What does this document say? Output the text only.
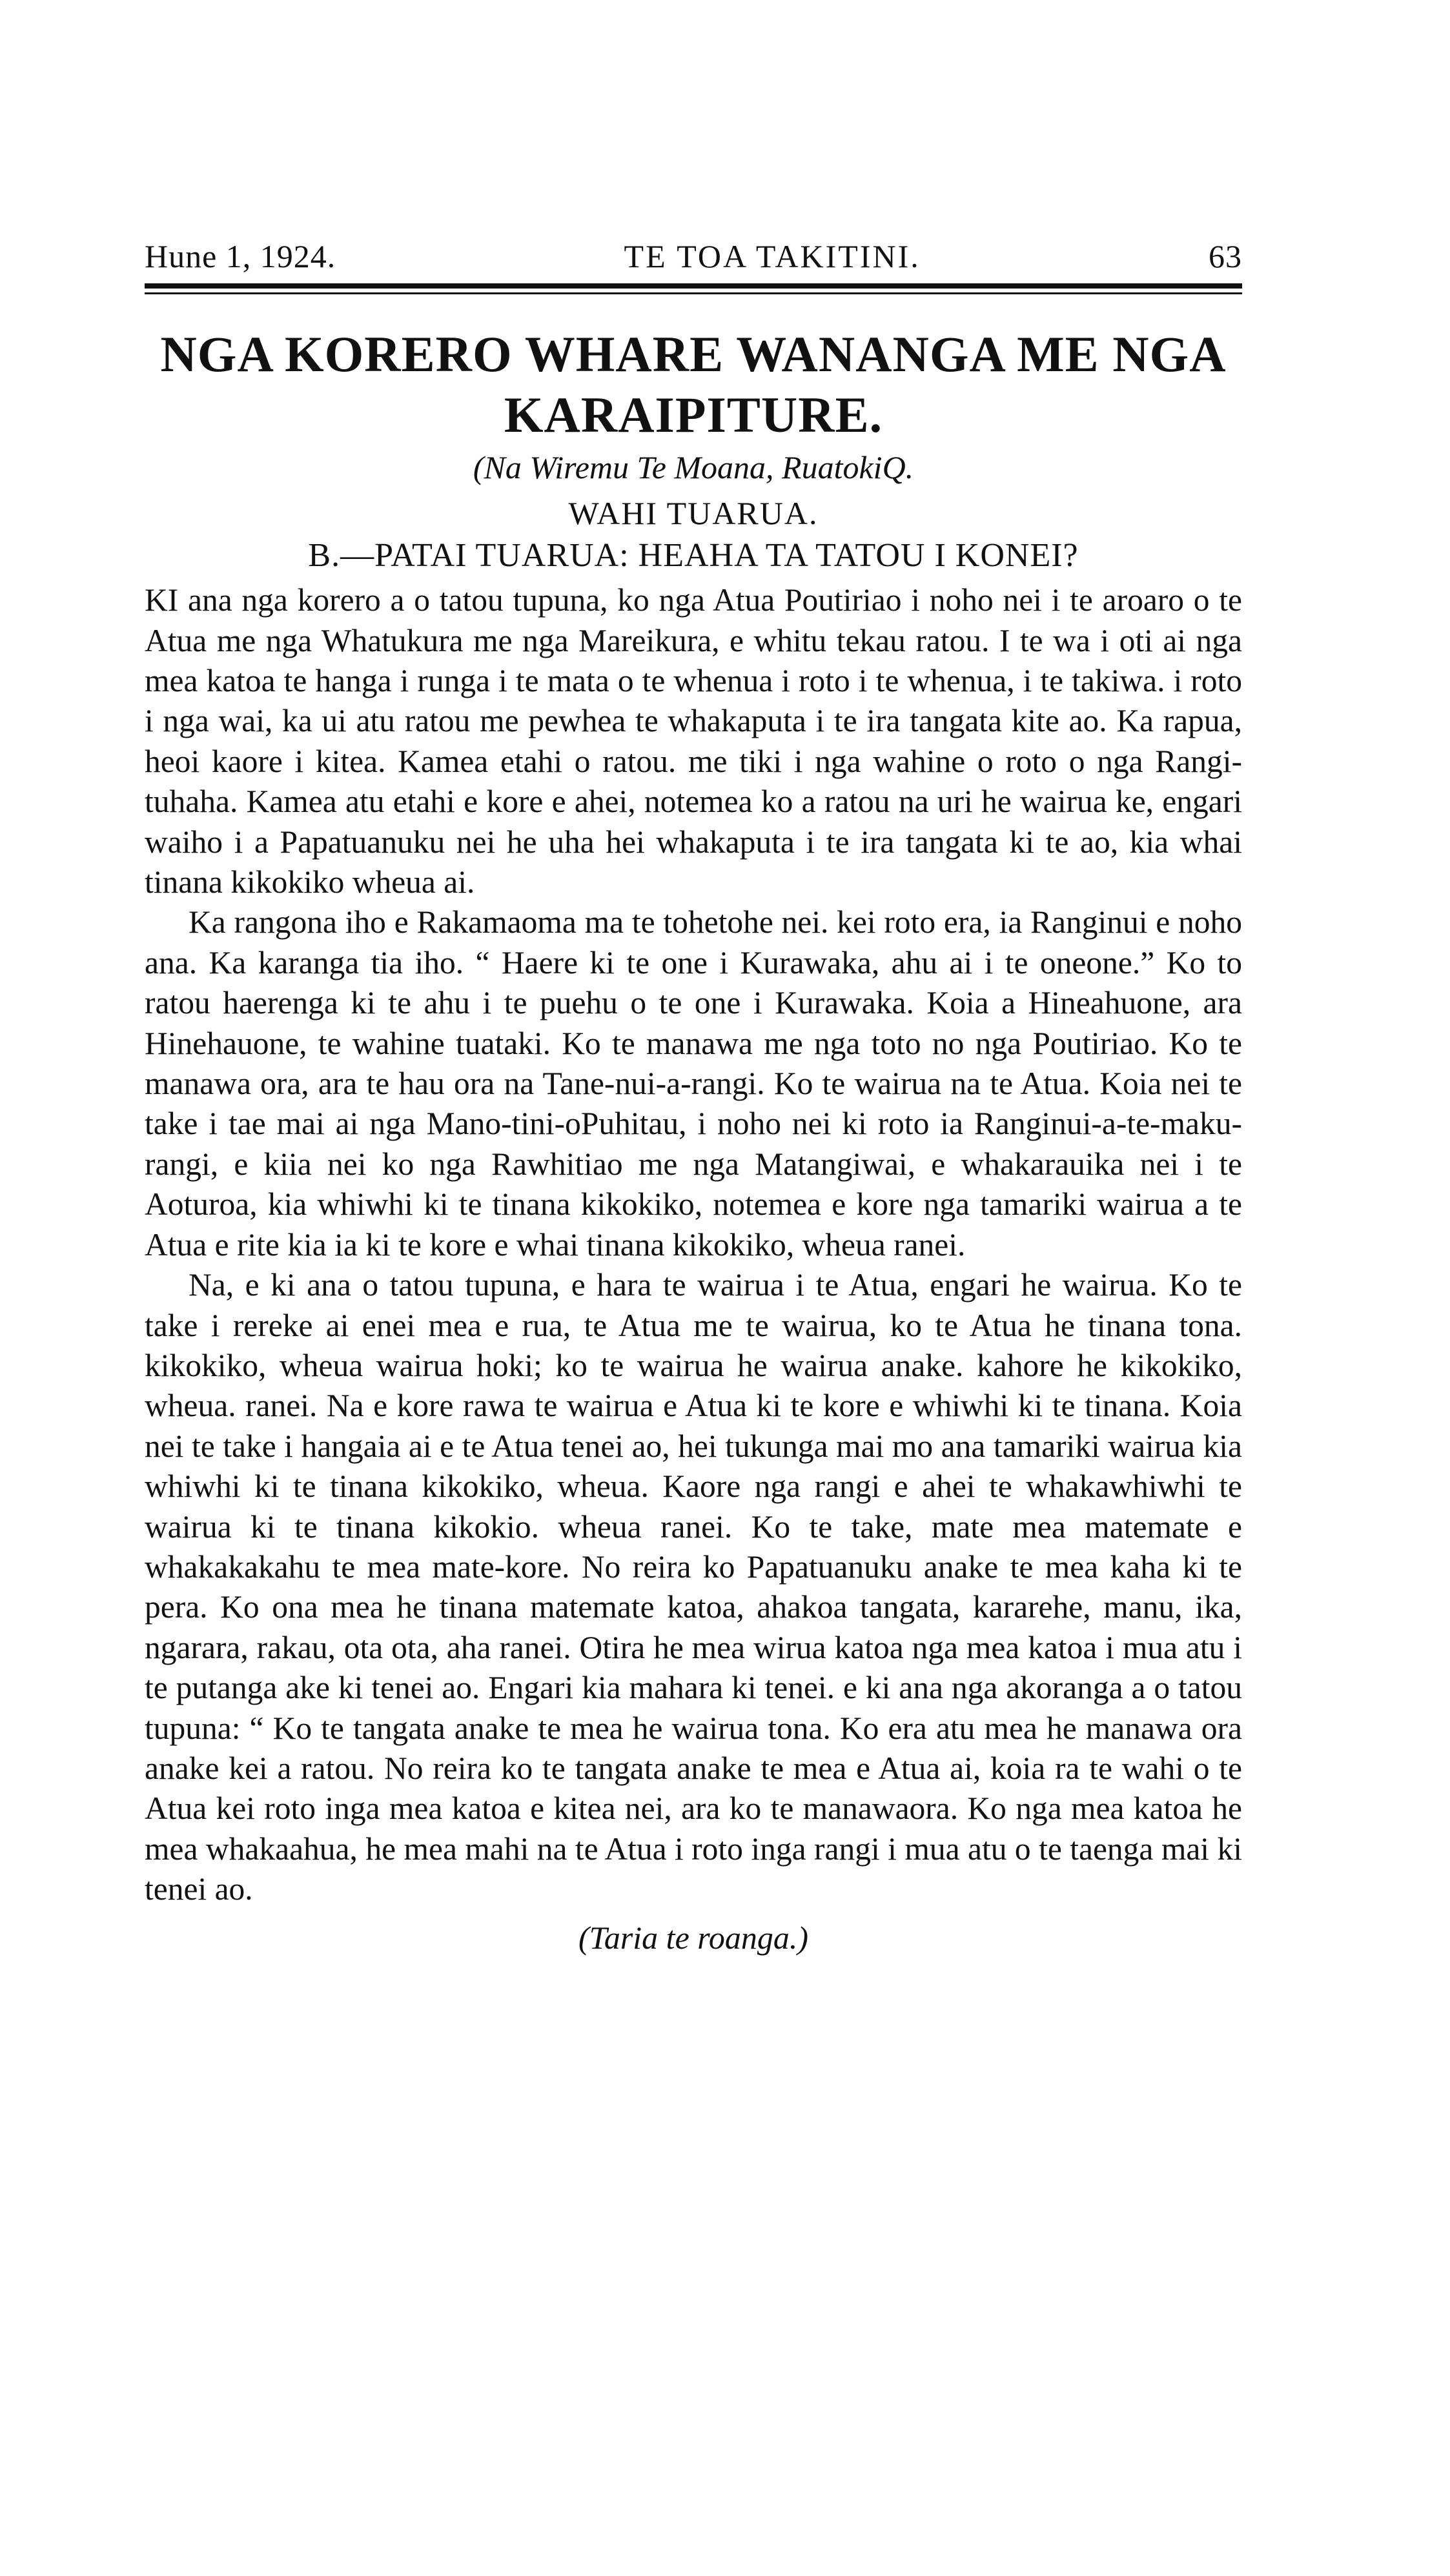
Hune 1, 1924.	TE TOA TAKITINI.	63
NGA KORERO WHARE WANANGA ME NGA KARAIPITURE.
(Na Wiremu Te Moana, RuatokiQ.
WAHI TUARUA.
B.—PATAI TUARUA: HEAHA TA TATOU I KONEI?

KI ana nga korero a o tatou tupuna, ko nga Atua Poutiriao i noho nei i te aroaro o te Atua me nga Whatukura me nga Mareikura, e whitu tekau ratou. I te wa i oti ai nga mea katoa te hanga i runga i te mata o te whenua i roto i te whenua, i te takiwa. i roto i nga wai, ka ui atu ratou me pewhea te whakaputa i te ira tangata kite ao. Ka rapua, heoi kaore i kitea. Kamea etahi o ratou. me tiki i nga wahine o roto o nga Rangi-tuhaha. Kamea atu etahi e kore e ahei, notemea ko a ratou na uri he wairua ke, engari waiho i a Papatuanuku nei he uha hei whakaputa i te ira tangata ki te ao, kia whai tinana kikokiko wheua ai.

Ka rangona iho e Rakamaoma ma te tohetohe nei. kei roto era, ia Ranginui e noho ana. Ka karanga tia iho. “ Haere ki te one i Kurawaka, ahu ai i te oneone.” Ko to ratou haerenga ki te ahu i te puehu o te one i Kurawaka. Koia a Hineahuone, ara Hinehauone, te wahine tuataki. Ko te manawa me nga toto no nga Poutiriao. Ko te manawa ora, ara te hau ora na Tane-nui-a-rangi. Ko te wairua na te Atua. Koia nei te take i tae mai ai nga Mano-tini-oPuhitau, i noho nei ki roto ia Ranginui-a-te-maku-rangi, e kiia nei ko nga Rawhitiao me nga Matangiwai, e whakarauika nei i te Aoturoa, kia whiwhi ki te tinana kikokiko, notemea e kore nga tamariki wairua a te Atua e rite kia ia ki te kore e whai tinana kikokiko, wheua ranei.

Na, e ki ana o tatou tupuna, e hara te wairua i te Atua, engari he wairua. Ko te take i rereke ai enei mea e rua, te Atua me te wairua, ko te Atua he tinana tona. kikokiko, wheua wairua hoki; ko te wairua he wairua anake. kahore he kikokiko, wheua. ranei. Na e kore rawa te wairua e Atua ki te kore e whiwhi ki te tinana. Koia nei te take i hangaia ai e te Atua tenei ao, hei tukunga mai mo ana tamariki wairua kia whiwhi ki te tinana kikokiko, wheua. Kaore nga rangi e ahei te whakawhiwhi te wairua ki te tinana kikokio. wheua ranei. Ko te take, mate mea matemate e whakakakahu te mea mate-kore. No reira ko Papatuanuku anake te mea kaha ki te pera. Ko ona mea he tinana matemate katoa, ahakoa tangata, kararehe, manu, ika, ngarara, rakau, ota ota, aha ranei. Otira he mea wirua katoa nga mea katoa i mua atu i te putanga ake ki tenei ao. Engari kia mahara ki tenei. e ki ana nga akoranga a o tatou tupuna: “ Ko te tangata anake te mea he wairua tona. Ko era atu mea he manawa ora anake kei a ratou. No reira ko te tangata anake te mea e Atua ai, koia ra te wahi o te Atua kei roto inga mea katoa e kitea nei, ara ko te manawaora. Ko nga mea katoa he mea whakaahua, he mea mahi na te Atua i roto inga rangi i mua atu o te taenga mai ki tenei ao.

(Taria te roanga.)
